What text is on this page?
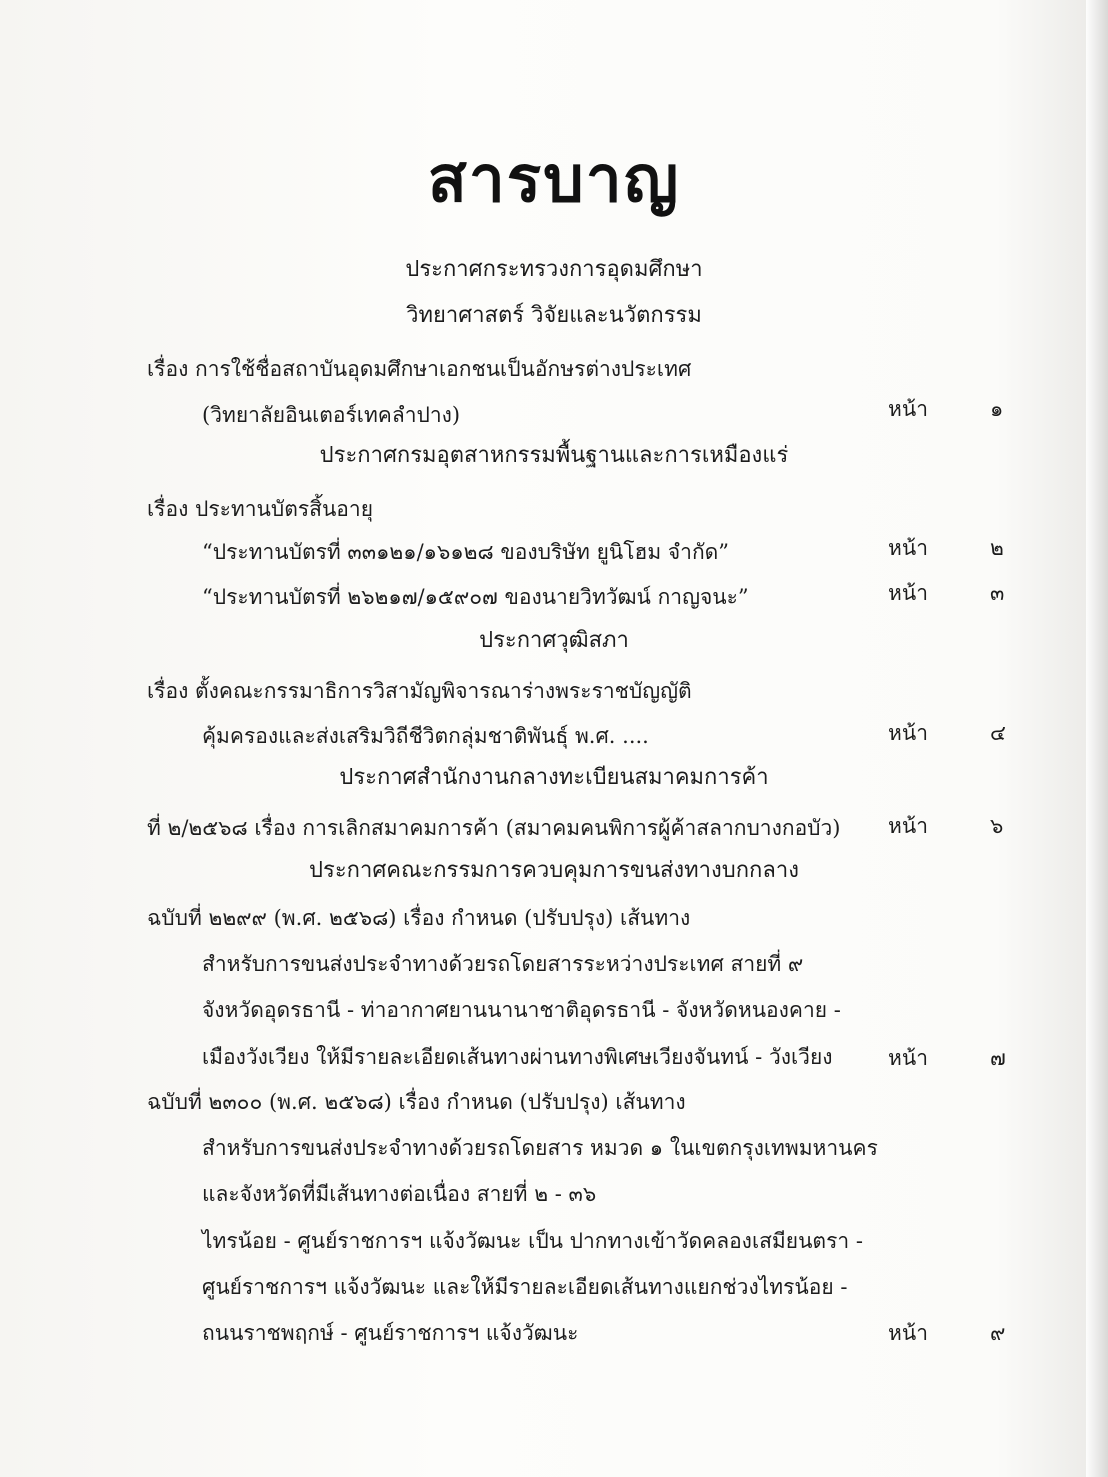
สารบาญ
ประกาศกระทรวงการอุดมศึกษา
วิทยาศาสตร์ วิจัยและนวัตกรรม
เรื่อง การใช้ชื่อสถาบันอุดมศึกษาเอกชนเป็นอักษรต่างประเทศ
(วิทยาลัยอินเตอร์เทคลำปาง)	หน้า	๑
ประกาศกรมอุตสาหกรรมพื้นฐานและการเหมืองแร่
เรื่อง ประทานบัตรสิ้นอายุ
“ประทานบัตรที่ ๓๓๑๒๑/๑๖๑๒๘ ของบริษัท ยูนิโฮม จำกัด”	หน้า	๒
“ประทานบัตรที่ ๒๖๒๑๗/๑๕๙๐๗ ของนายวิทวัฒน์ กาญจนะ”	หน้า	๓
ประกาศวุฒิสภา
เรื่อง ตั้งคณะกรรมาธิการวิสามัญพิจารณาร่างพระราชบัญญัติ
คุ้มครองและส่งเสริมวิถีชีวิตกลุ่มชาติพันธุ์ พ.ศ. ....	หน้า	๔
ประกาศสำนักงานกลางทะเบียนสมาคมการค้า
ที่ ๒/๒๕๖๘ เรื่อง การเลิกสมาคมการค้า (สมาคมคนพิการผู้ค้าสลากบางกอบัว) หน้า	๖
ประกาศคณะกรรมการควบคุมการขนส่งทางบกกลาง
ฉบับที่ ๒๒๙๙ (พ.ศ. ๒๕๖๘) เรื่อง กำหนด (ปรับปรุง) เส้นทาง
สำหรับการขนส่งประจำทางด้วยรถโดยสารระหว่างประเทศ สายที่ ๙
จังหวัดอุดรธานี - ท่าอากาศยานนานาชาติอุดรธานี - จังหวัดหนองคาย -
เมืองวังเวียง ให้มีรายละเอียดเส้นทางผ่านทางพิเศษเวียงจันทน์ - วังเวียง	หน้า	๗
ฉบับที่ ๒๓๐๐ (พ.ศ. ๒๕๖๘) เรื่อง กำหนด (ปรับปรุง) เส้นทาง
สำหรับการขนส่งประจำทางด้วยรถโดยสาร หมวด ๑ ในเขตกรุงเทพมหานคร
และจังหวัดที่มีเส้นทางต่อเนื่อง สายที่ ๒ - ๓๖
ไทรน้อย - ศูนย์ราชการฯ แจ้งวัฒนะ เป็น ปากทางเข้าวัดคลองเสมียนตรา -
ศูนย์ราชการฯ แจ้งวัฒนะ และให้มีรายละเอียดเส้นทางแยกช่วงไทรน้อย -
ถนนราชพฤกษ์ - ศูนย์ราชการฯ แจ้งวัฒนะ	หน้า	๙
